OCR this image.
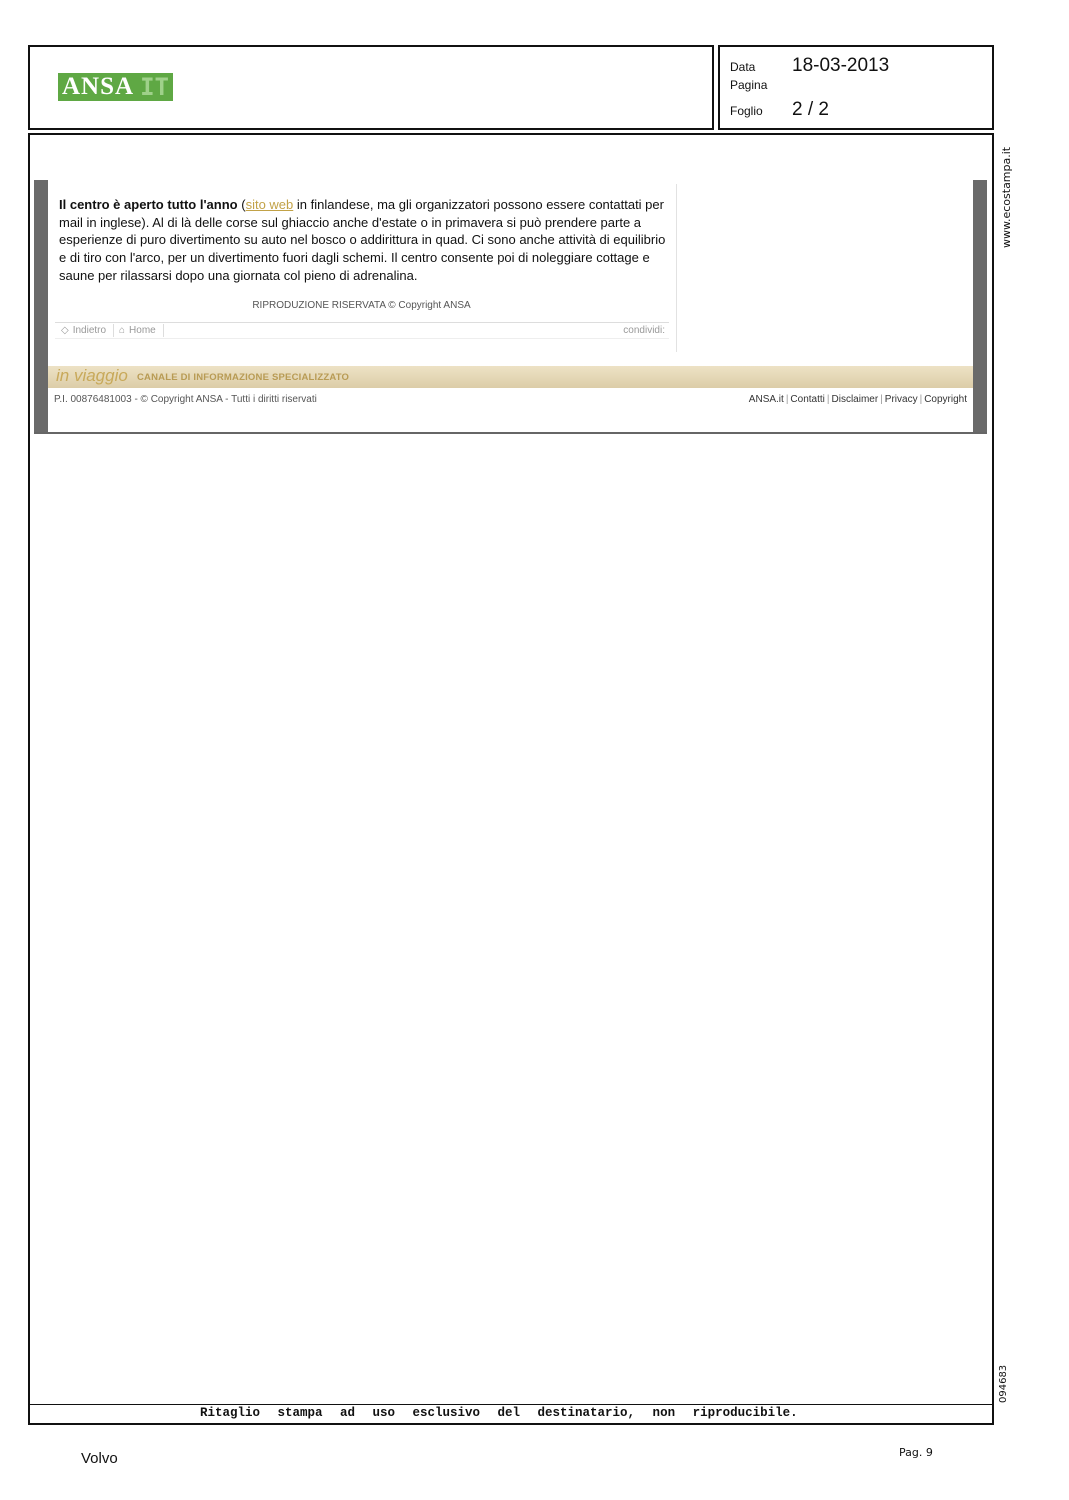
ANSA IT
Data	18-03-2013
Pagina
Foglio	2 / 2
www.ecostampa.it
094683
Il centro è aperto tutto l'anno (sito web in finlandese, ma gli organizzatori possono essere contattati per mail in inglese). Al di là delle corse sul ghiaccio anche d'estate o in primavera si può prendere parte a esperienze di puro divertimento su auto nel bosco o addirittura in quad. Ci sono anche attività di equilibrio e di tiro con l'arco, per un divertimento fuori dagli schemi. Il centro consente poi di noleggiare cottage e saune per rilassarsi dopo una giornata col pieno di adrenalina.
RIPRODUZIONE RISERVATA © Copyright ANSA
◇ Indietro ⌂ Home	condividi:
in viaggio CANALE DI INFORMAZIONE SPECIALIZZATO
P.I. 00876481003 - © Copyright ANSA - Tutti i diritti riservati	ANSA.it | Contatti | Disclaimer | Privacy | Copyright
Ritaglio stampa ad uso esclusivo del destinatario, non riproducibile.
Volvo	Pag. 9
